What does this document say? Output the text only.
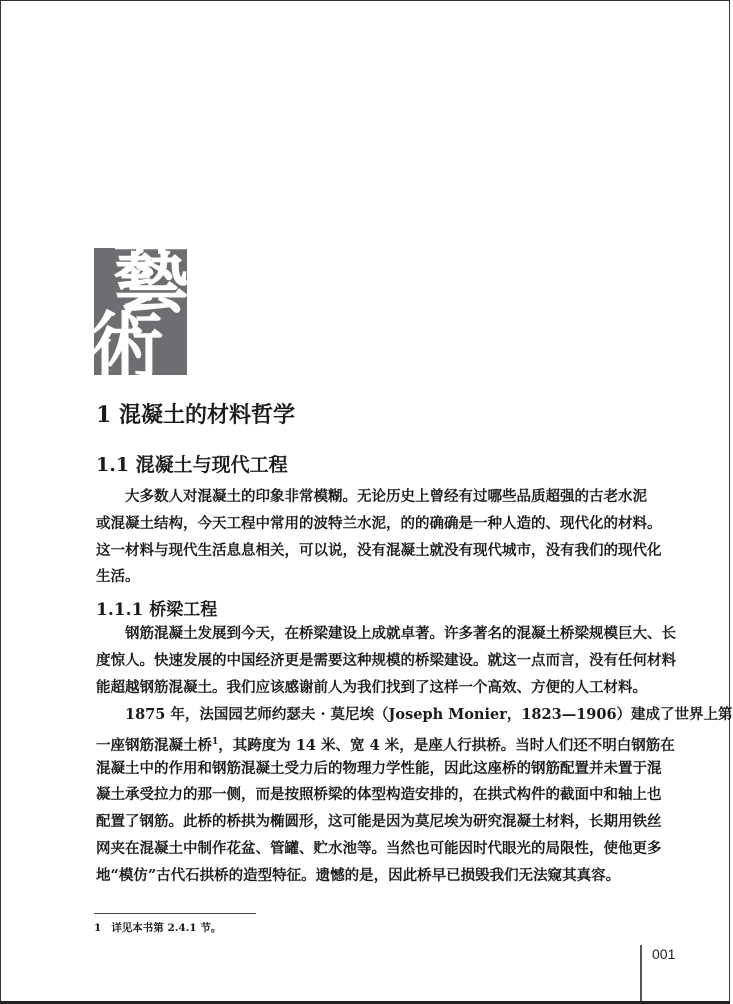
藝
術
1 混凝土的材料哲学
1.1 混凝土与现代工程
大多数人对混凝土的印象非常模糊。无论历史上曾经有过哪些品质超强的古老水泥
或混凝土结构，今天工程中常用的波特兰水泥，的的确确是一种人造的、现代化的材料。
这一材料与现代生活息息相关，可以说，没有混凝土就没有现代城市，没有我们的现代化
生活。
1.1.1 桥梁工程
钢筋混凝土发展到今天，在桥梁建设上成就卓著。许多著名的混凝土桥梁规模巨大、长
度惊人。快速发展的中国经济更是需要这种规模的桥梁建设。就这一点而言，没有任何材料
能超越钢筋混凝土。我们应该感谢前人为我们找到了这样一个高效、方便的人工材料。
1875 年，法国园艺师约瑟夫 · 莫尼埃（Joseph Monier，1823—1906）建成了世界上第
一座钢筋混凝土桥$^1$，其跨度为 14 米、宽 4 米，是座人行拱桥。当时人们还不明白钢筋在
混凝土中的作用和钢筋混凝土受力后的物理力学性能，因此这座桥的钢筋配置并未置于混
凝土承受拉力的那一侧，而是按照桥梁的体型构造安排的，在拱式构件的截面中和轴上也
配置了钢筋。此桥的桥拱为椭圆形，这可能是因为莫尼埃为研究混凝土材料，长期用铁丝
网夹在混凝土中制作花盆、管罐、贮水池等。当然也可能因时代眼光的局限性，使他更多
地“模仿”古代石拱桥的造型特征。遗憾的是，因此桥早已损毁我们无法窥其真容。
1 详见本书第 2.4.1 节。
001
